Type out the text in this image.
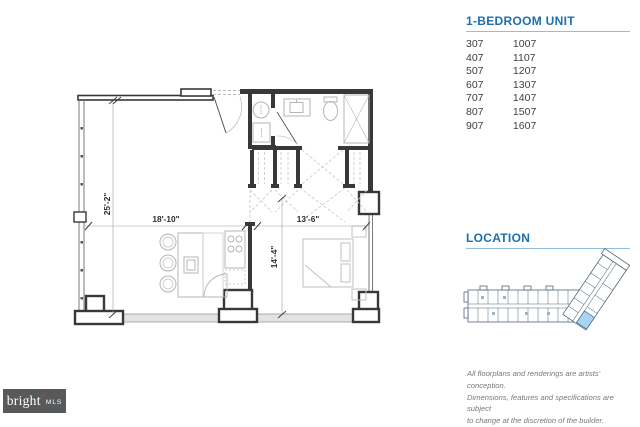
25'-2"
18'-10"	13'-6"
14'-4"
1-BEDROOM UNIT
307	1007
407	1107
507	1207
607	1307
707	1407
807	1507
907	1607
LOCATION
All floorplans and renderings are artists' conception.
Dimensions, features and specifications are subject
to change at the discretion of the builder.
bright *
MLS
